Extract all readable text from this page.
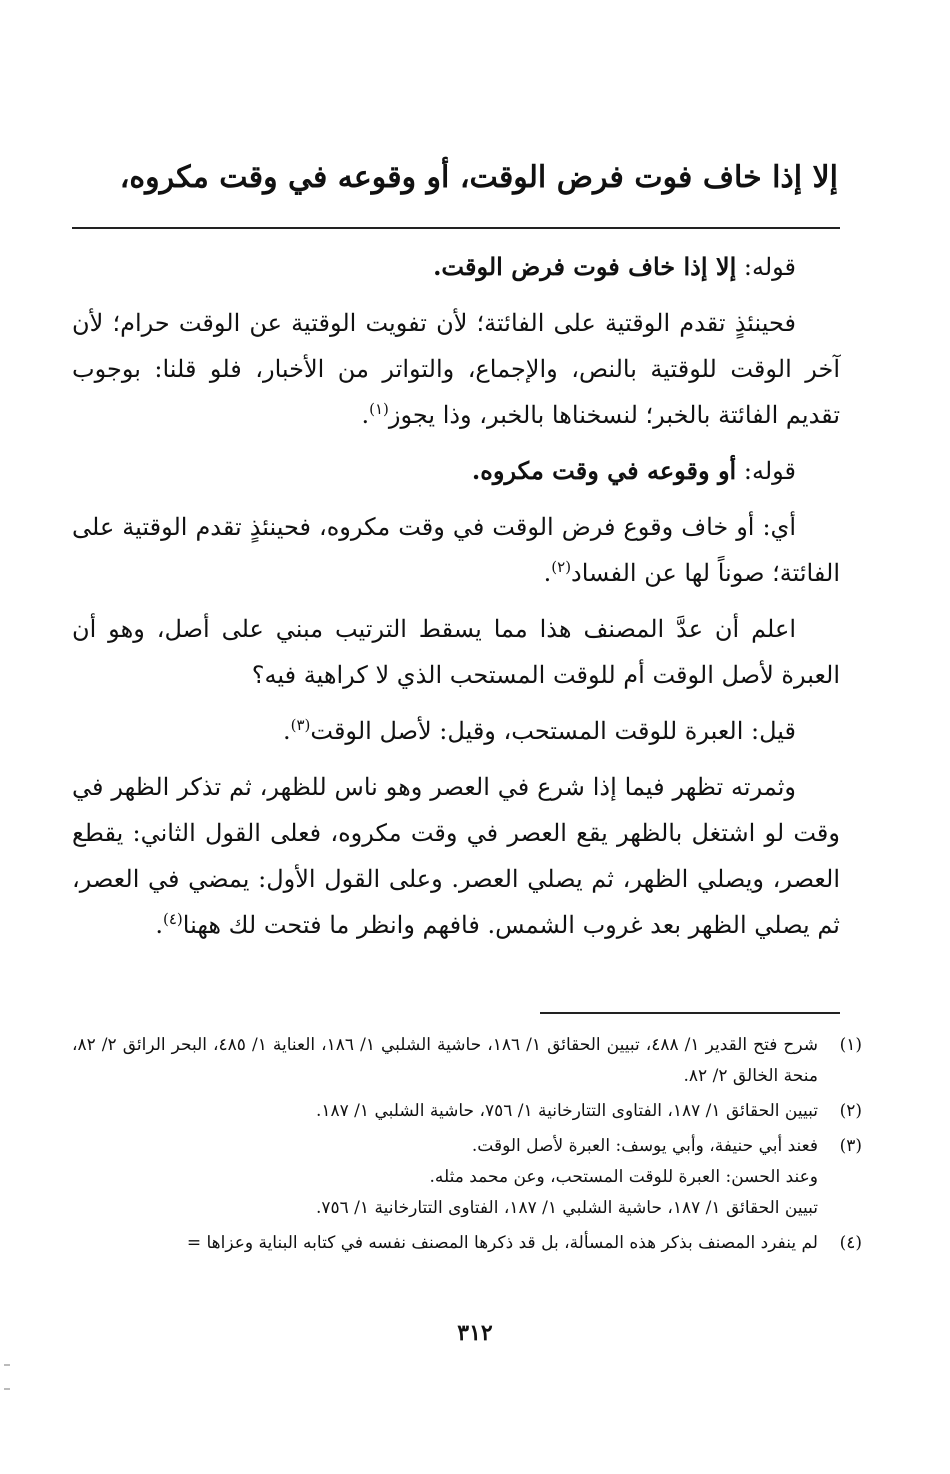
إلا إذا خاف فوت فرض الوقت، أو وقوعه في وقت مكروه،

قوله: إلا إذا خاف فوت فرض الوقت.

فحينئذٍ تقدم الوقتية على الفائتة؛ لأن تفويت الوقتية عن الوقت حرام؛ لأن آخر الوقت للوقتية بالنص، والإجماع، والتواتر من الأخبار، فلو قلنا: بوجوب تقديم الفائتة بالخبر؛ لنسخناها بالخبر، وذا يجوز$^{(١)}$.

قوله: أو وقوعه في وقت مكروه.

أي: أو خاف وقوع فرض الوقت في وقت مكروه، فحينئذٍ تقدم الوقتية على الفائتة؛ صوناً لها عن الفساد$^{(٢)}$.

اعلم أن عدَّ المصنف هذا مما يسقط الترتيب مبني على أصل، وهو أن العبرة لأصل الوقت أم للوقت المستحب الذي لا كراهية فيه؟

قيل: العبرة للوقت المستحب، وقيل: لأصل الوقت$^{(٣)}$.

وثمرته تظهر فيما إذا شرع في العصر وهو ناس للظهر، ثم تذكر الظهر في وقت لو اشتغل بالظهر يقع العصر في وقت مكروه، فعلى القول الثاني: يقطع العصر، ويصلي الظهر، ثم يصلي العصر. وعلى القول الأول: يمضي في العصر، ثم يصلي الظهر بعد غروب الشمس. فافهم وانظر ما فتحت لك ههنا$^{(٤)}$.

(١)
شرح فتح القدير ١/ ٤٨٨، تبيين الحقائق ١/ ١٨٦، حاشية الشلبي ١/ ١٨٦، العناية ١/ ٤٨٥، البحر الرائق ٢/ ٨٢، منحة الخالق ٢/ ٨٢.
(٢)
تبيين الحقائق ١/ ١٨٧، الفتاوى التتارخانية ١/ ٧٥٦، حاشية الشلبي ١/ ١٨٧.
(٣)
فعند أبي حنيفة، وأبي يوسف: العبرة لأصل الوقت.
وعند الحسن: العبرة للوقت المستحب، وعن محمد مثله.
تبيين الحقائق ١/ ١٨٧، حاشية الشلبي ١/ ١٨٧، الفتاوى التتارخانية ١/ ٧٥٦.
(٤)
لم ينفرد المصنف بذكر هذه المسألة، بل قد ذكرها المصنف نفسه في كتابه البناية وعزاها =
٣١٢
